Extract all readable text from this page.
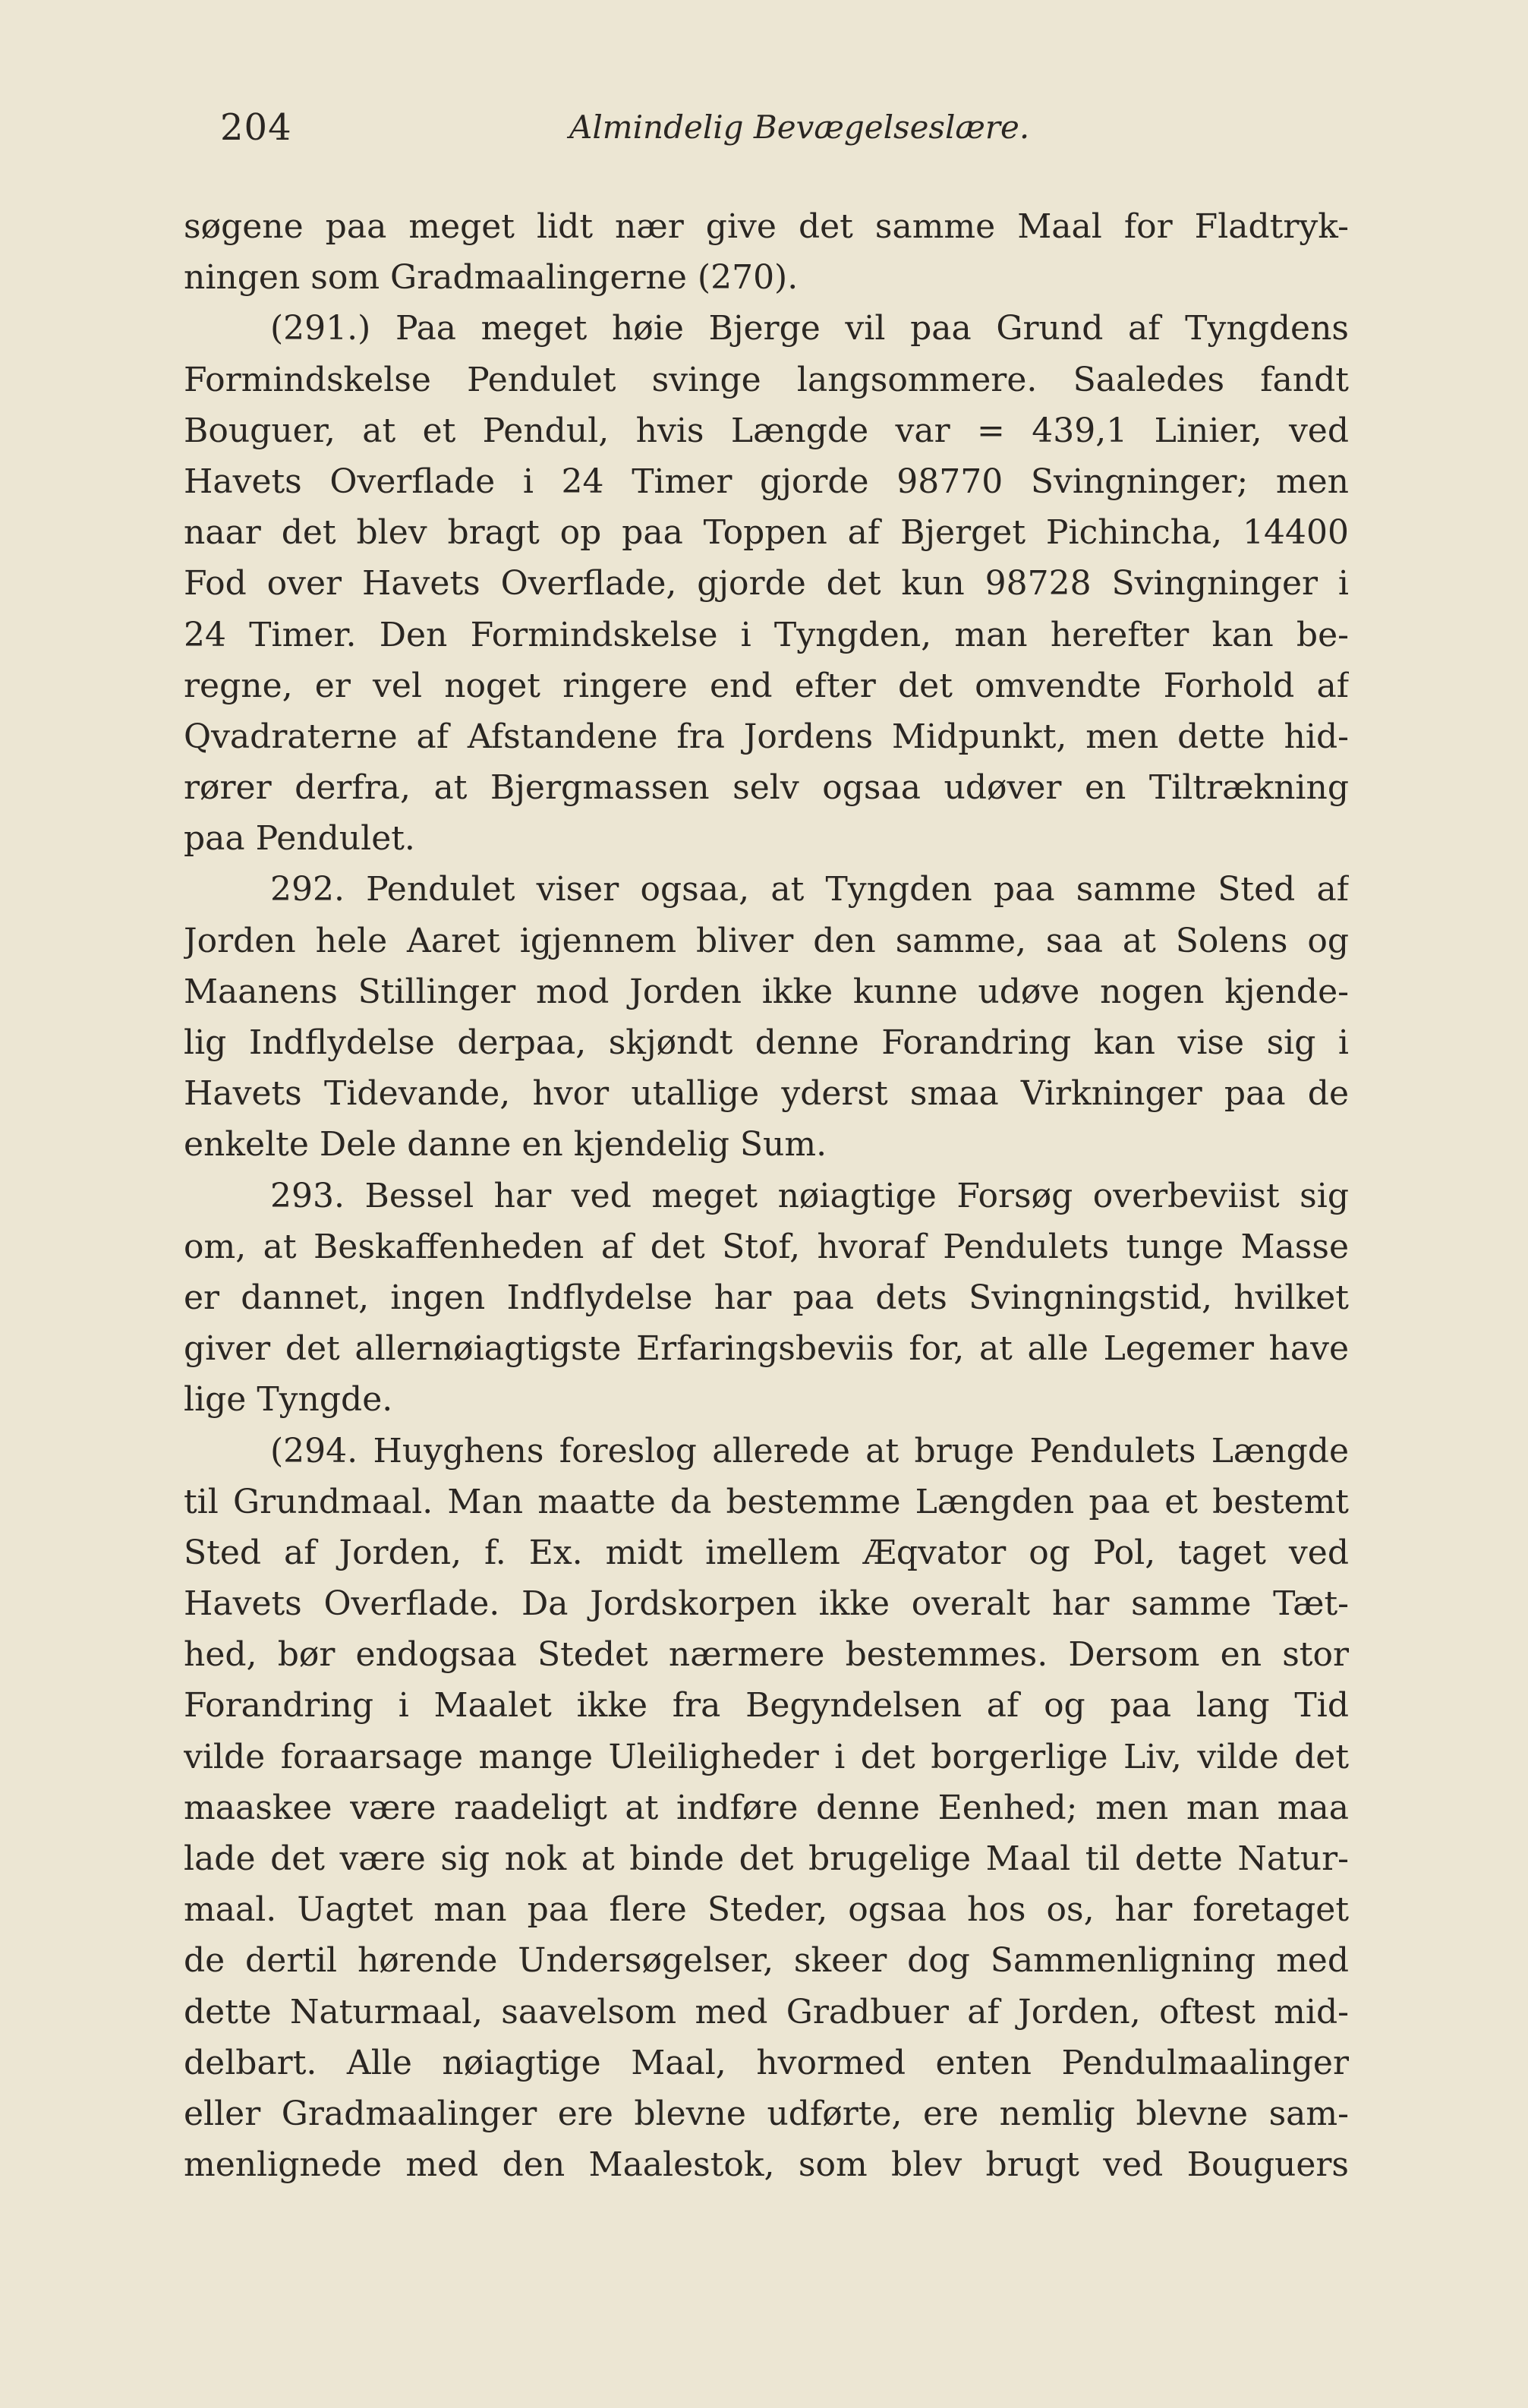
204	Almindelig Bevægelseslære.
søgene paa meget lidt nær give det samme Maal for Fladtryk-
ningen som Gradmaalingerne (270).
(291.) Paa meget høie Bjerge vil paa Grund af Tyngdens
Formindskelse Pendulet svinge langsommere. Saaledes fandt
Bouguer, at et Pendul, hvis Længde var = 439,1 Linier, ved
Havets Overflade i 24 Timer gjorde 98770 Svingninger; men
naar det blev bragt op paa Toppen af Bjerget Pichincha, 14400
Fod over Havets Overflade, gjorde det kun 98728 Svingninger i
24 Timer. Den Formindskelse i Tyngden, man herefter kan be-
regne, er vel noget ringere end efter det omvendte Forhold af
Qvadraterne af Afstandene fra Jordens Midpunkt, men dette hid-
rører derfra, at Bjergmassen selv ogsaa udøver en Tiltrækning
paa Pendulet.
292. Pendulet viser ogsaa, at Tyngden paa samme Sted af
Jorden hele Aaret igjennem bliver den samme, saa at Solens og
Maanens Stillinger mod Jorden ikke kunne udøve nogen kjende-
lig Indflydelse derpaa, skjøndt denne Forandring kan vise sig i
Havets Tidevande, hvor utallige yderst smaa Virkninger paa de
enkelte Dele danne en kjendelig Sum.
293. Bessel har ved meget nøiagtige Forsøg overbeviist sig
om, at Beskaffenheden af det Stof, hvoraf Pendulets tunge Masse
er dannet, ingen Indflydelse har paa dets Svingningstid, hvilket
giver det allernøiagtigste Erfaringsbeviis for, at alle Legemer have
lige Tyngde.
(294. Huyghens foreslog allerede at bruge Pendulets Længde
til Grundmaal. Man maatte da bestemme Længden paa et bestemt
Sted af Jorden, f. Ex. midt imellem Æqvator og Pol, taget ved
Havets Overflade. Da Jordskorpen ikke overalt har samme Tæt-
hed, bør endogsaa Stedet nærmere bestemmes. Dersom en stor
Forandring i Maalet ikke fra Begyndelsen af og paa lang Tid
vilde foraarsage mange Uleiligheder i det borgerlige Liv, vilde det
maaskee være raadeligt at indføre denne Eenhed; men man maa
lade det være sig nok at binde det brugelige Maal til dette Natur-
maal. Uagtet man paa flere Steder, ogsaa hos os, har foretaget
de dertil hørende Undersøgelser, skeer dog Sammenligning med
dette Naturmaal, saavelsom med Gradbuer af Jorden, oftest mid-
delbart. Alle nøiagtige Maal, hvormed enten Pendulmaalinger
eller Gradmaalinger ere blevne udførte, ere nemlig blevne sam-
menlignede med den Maalestok, som blev brugt ved Bouguers
